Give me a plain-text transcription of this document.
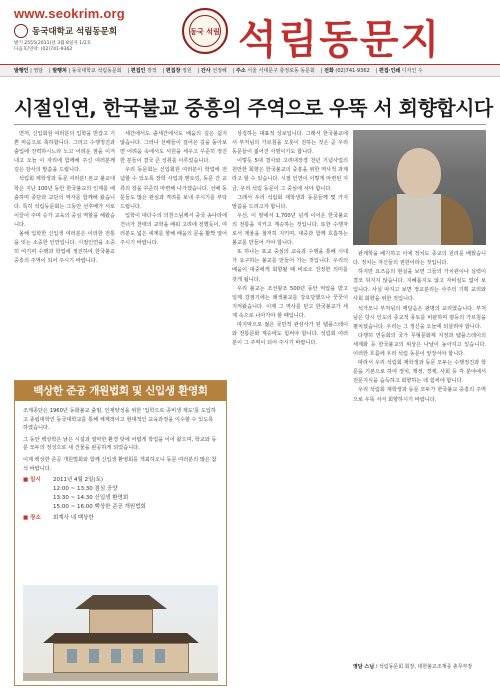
www.seokrim.org
동국대학교 석림동문회
발기 2555(2011)년 3월 8일자 1/2호
다음호/연락: (02)741-9362
동국 석림 석림동문지
발행인 | 영담	| 발행처 | 동국대학교 석림동문회	| 편집인 장적	| 편집장 정원	| 간사 선정혜	| 주소 서울 서대문구 충정로동 동문회	| 전화 (02)741-9362	| 편집·인쇄 디자인 수
시절인연, 한국불교 중흥의 주역으로 우뚝 서 회향합시다

면저, 신입회원 여러분의 입학을 반갑고 기쁜 마음으로 축하합니다. 그리고 수행정진과 출입에 진력하시느라 노고 어려운 점을 이겨내고 오늘 이 자리에 함께해 주신 여러분께 깊은 감사의 말씀을 드립니다.

석림회 재학생과 동문 여러분! 본교 불교대학은 지난 100년 동안 한국불교의 인재를 배출하며 종단과 교단의 역사를 함께해 왔습니다. 특히 석림동문회는 그동안 선후배가 서로 이끌어 주며 승가 교육의 중심 역할을 해왔습니다.

올해 입학한 신입생 여러분은 이러한 전통을 잇는 소중한 인연입니다. 시절인연을 소중히 여기며 수행과 학업에 정진하여 한국불교 중흥의 주역이 되어 주시기 바랍니다.

세간에서도 출세간에서도 배움의 길은 쉽지 않습니다. 그러나 선배들이 걸어온 길을 돌아보면 어려움 속에서도 서원을 세우고 꾸준히 정진한 분들이 결국 큰 성취를 이루었습니다.

우리 동문회는 신입회원 여러분이 학업에 전념할 수 있도록 장학 사업과 멘토링, 동문 간 교류의 장을 꾸준히 마련해 나가겠습니다. 선배 동문들도 많은 관심과 격려를 보내 주시기를 부탁드립니다.

입학이 대다수의 의천스님께서 중국 송나라에 건너가 천태의 교학을 배워 고려에 전했듯이, 여러분도 넓은 세계를 향해 배움의 문을 활짝 열어 주시기 바랍니다.

상징하는 대표적 성보입니다. 그래서 한국불교에서 부처님의 가르침을 오롯이 전하는 것은 곧 우리 동문들이 짊어진 사명이기도 합니다.

이렇듯 5대 결사와 고려대장경 천년 기념사업의 원만한 회향은 한국불교의 중흥을 위한 역사적 과제라고 할 수 있습니다. 시절 인연이 이렇게 마련된 지금, 우리 석림 동문이 그 중심에 서야 합니다.

그래서 우리 석림회 재학생과 동문들께 몇 가지 말씀을 드리고자 합니다.

우선, 이 땅에서 1,700년 넘게 이어온 한국불교의 전통을 지키고 계승하는 것입니다. 또한 수행자로서 계율을 철저히 지키며, 대중과 함께 호흡하는 불교를 만들어 가야 합니다.

또 하나는 포교 중심의 교육과 수행을 통해 시대가 요구하는 불교를 만들어 가는 것입니다. 우리의 배움이 대중에게 회향될 때 비로소 진정한 의미를 갖게 됩니다.

우리 불교는 조선왕조 500년 동안 억압을 받고 일제 강점기에는 왜색불교를 강요당했으나 꿋꿋이 지켜왔습니다. 이제 그 역사를 딛고 한국불교가 세계 속으로 나아가야 할 때입니다.

마지막으로 젊은 국민적 관심사가 된 템플스테이와 전통문화 계승에도 힘써야 합니다. 석림회 여러분이 그 주역이 되어 주시기 바랍니다.

관계학을 배기하고 이에 정치도 종교의 원리를 배웠습니다. 정치는 자신들의 권한이라는 것입니다.

하지만 요즈음의 현실을 보면 그들의 가치관이나 실력이 결코 뒤지지 않습니다. 지혜롭지도 않고 자비심도 없어 보입니다. 사실 따지고 보면 정교분리는 사주의 기획 교리와 사회 회향을 위한 것입니다.

석가모니 부처님의 깨달음은 광명의 교리였습니다. 부처님은 당시 인도의 종교적 풍토를 비판하며 평등의 가르침을 펼치셨습니다. 우리는 그 정신을 오늘에 되살려야 합니다.

다행히 연등회의 국가 무형문화재 지정과 템플스테이의 세계화 등 한국불교의 위상은 나날이 높아지고 있습니다. 이러한 흐름에 우리 석림 동문이 앞장서야 합니다.

따라서 우리 석림회 재학생과 동문 모두는 수행정진과 학문을 기본으로 하여 정치, 행정, 경제, 사회 등 각 분야에서 전문지식을 습득하고 회향하는 데 힘써야 합니다.

우리 석림회 재학생과 동문 모두가 한국불교 중흥의 주역으로 우뚝 서서 회향하시기 바랍니다.

영담 스님 / 석림동문회 회장, 대한불교조계종 총무부장
백상한 준공 개원법회 및 신입생 환영회

조계종단은 1960년 동화불교 출범, 인재양성을 위한 '입학으로 종비생 제도'를 도입하고 종립대학인 동국대학교를 통해 체계적이고 현대적인 교육과정을 이수할 수 있도록 하였습니다.

그 동안 백상학은 낡은 시설과 열악한 환경 탓에 어렵게 학업을 이어 왔으며, 학교와 동문 모두의 정성으로 새 건물을 완공하게 되었습니다.

이제 백상한 준공 개원법회와 함께 신입생 환영회를 개최하오니 동문 여러분의 많은 참석 바랍니다.

■ 일시	2011년 4월 2일(토)
12:00 ~ 13:30 점심 공양
13:30 ~ 14:30 신입생 환영회
15:00 ~ 16:00 백상한 준공 개원법회
■ 장소	회계사 내 백상한
